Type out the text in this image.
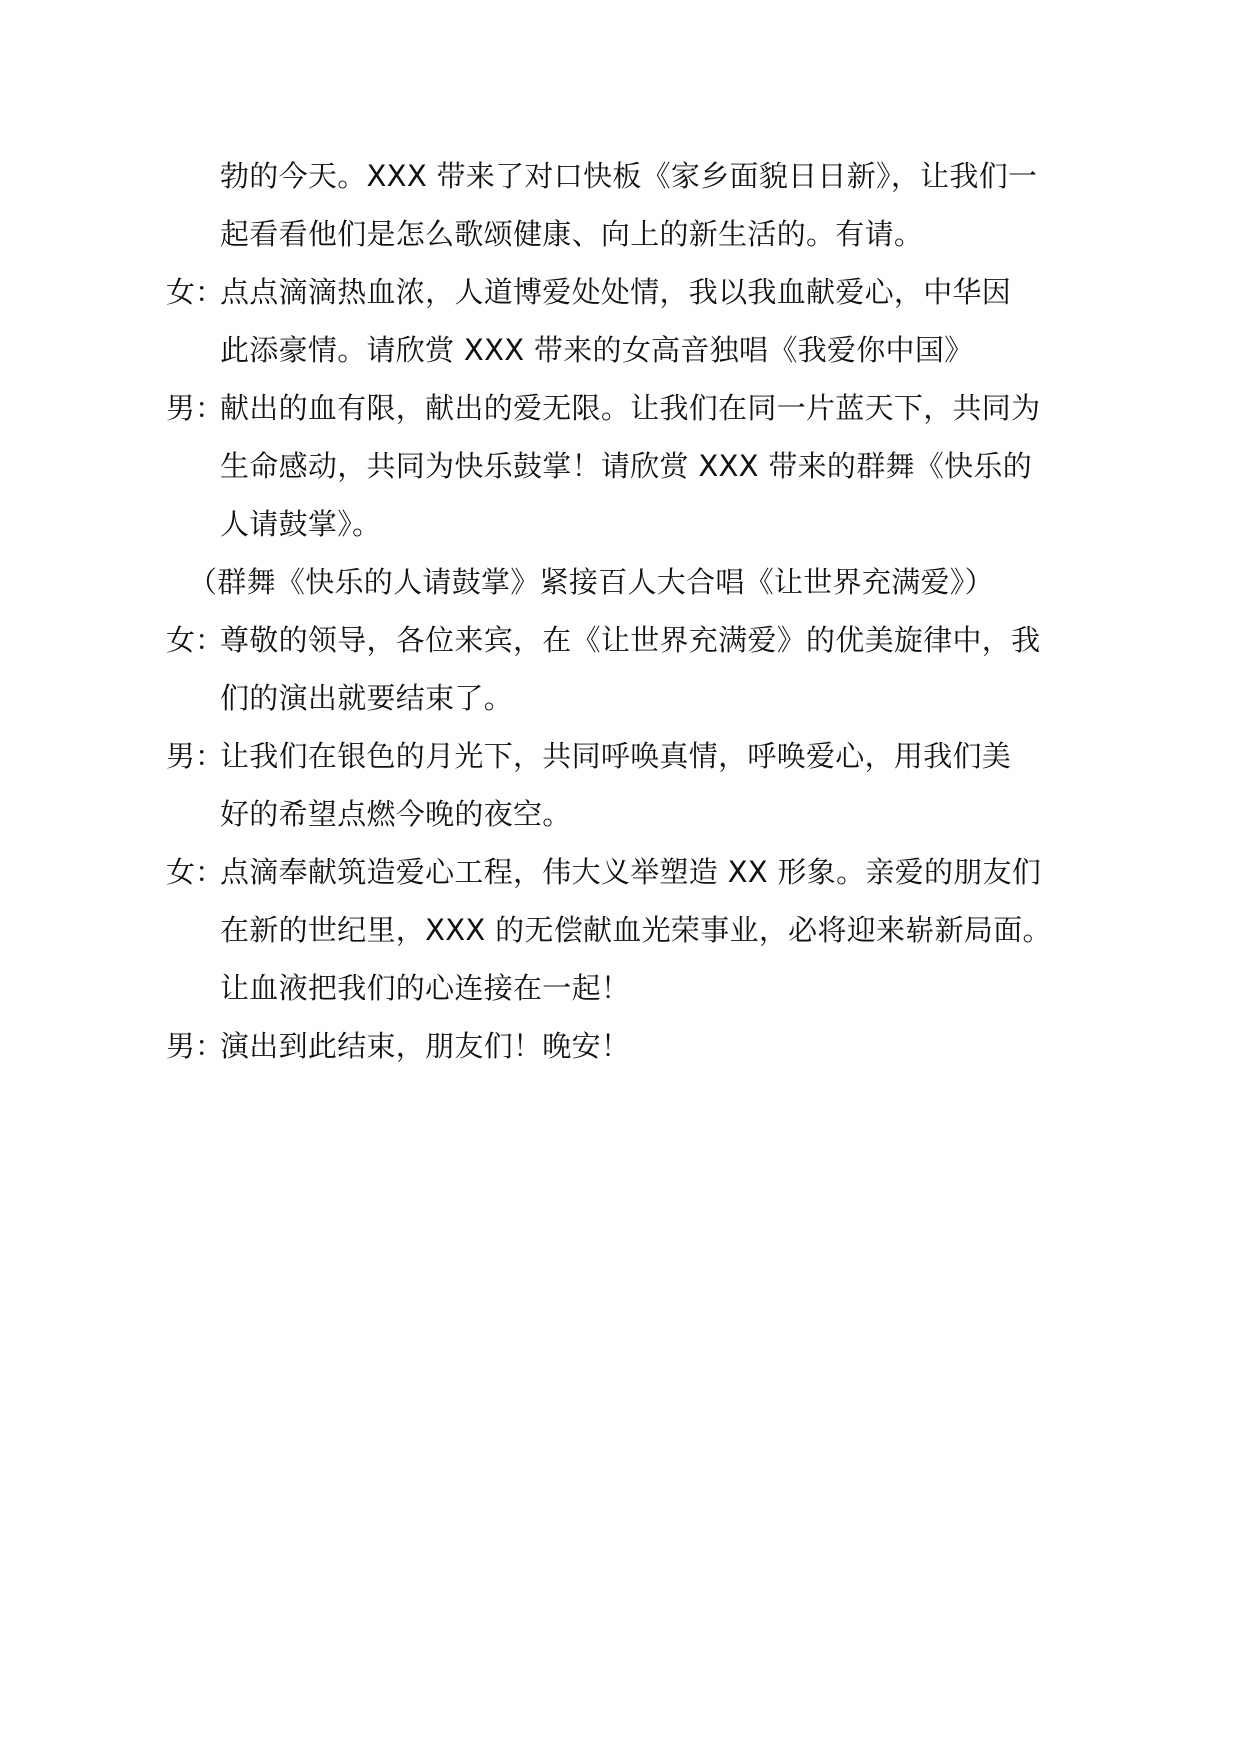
勃的今天。XXX 带来了对口快板《家乡面貌日日新》，让我们一
起看看他们是怎么歌颂健康、向上的新生活的。有请。
女：
点点滴滴热血浓，人道博爱处处情，我以我血献爱心，中华因
此添豪情。请欣赏 XXX 带来的女高音独唱《我爱你中国》
男：
献出的血有限，献出的爱无限。让我们在同一片蓝天下，共同为
生命感动，共同为快乐鼓掌！请欣赏 XXX 带来的群舞《快乐的
人请鼓掌》。
（群舞《快乐的人请鼓掌》紧接百人大合唱《让世界充满爱》）
女：
尊敬的领导，各位来宾，在《让世界充满爱》的优美旋律中，我
们的演出就要结束了。
男：
让我们在银色的月光下，共同呼唤真情，呼唤爱心，用我们美
好的希望点燃今晚的夜空。
女：
点滴奉献筑造爱心工程，伟大义举塑造 XX 形象。亲爱的朋友们
在新的世纪里，XXX 的无偿献血光荣事业，必将迎来崭新局面。
让血液把我们的心连接在一起！
男：
演出到此结束，朋友们！晚安！
